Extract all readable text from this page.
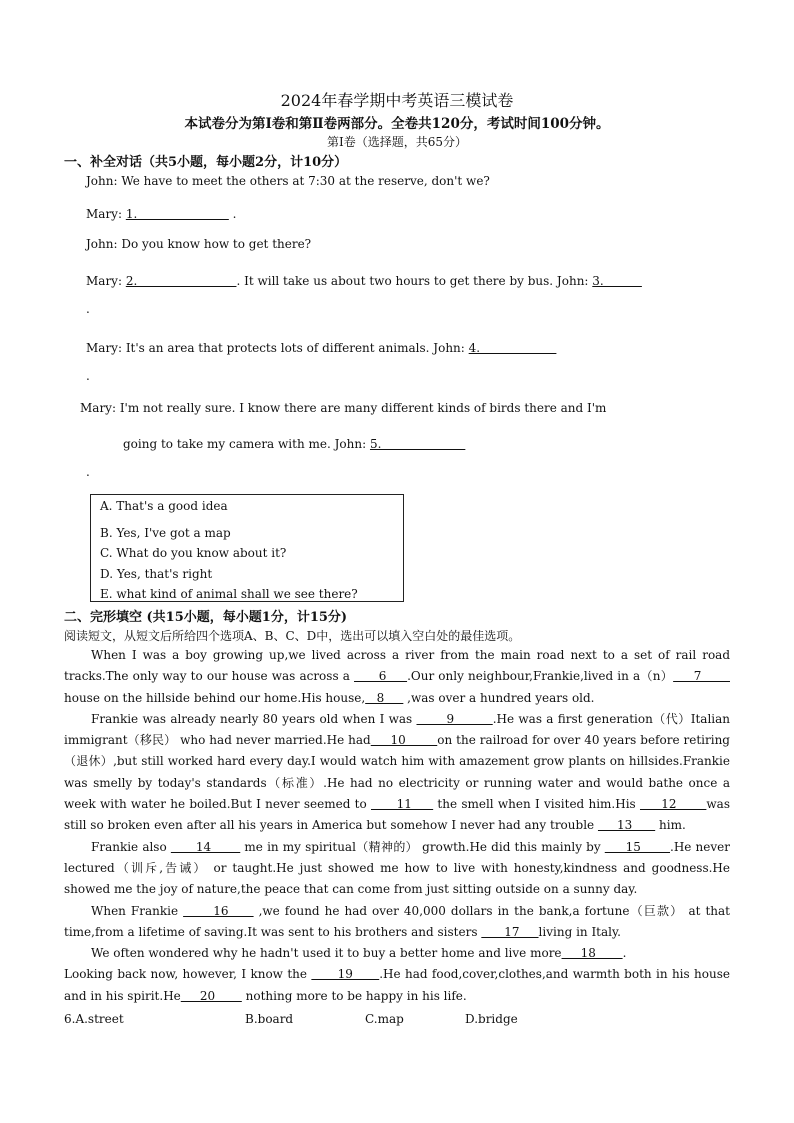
2024年春学期中考英语三模试卷
本试卷分为第Ⅰ卷和第Ⅱ卷两部分。全卷共120分，考试时间100分钟。
第Ⅰ卷（选择题，共65分）
一、补全对话（共5小题，每小题2分，计10分）
John: We have to meet the others at 7:30 at the reserve, don't we?
Mary: 1.                         .
John: Do you know how to get there?
Mary: 2.                          . It will take us about two hours to get there by bus. John: 3.
.
Mary: It's an area that protects lots of different animals. John: 4.
.
Mary: I'm not really sure. I know there are many different kinds of birds there and I'm
going to take my camera with me. John: 5.
.
A. That's a good idea
B. Yes, I've got a map
C. What do you know about it?
D. Yes, that's right
E. what kind of animal shall we see there?
二、完形填空 (共15小题，每小题1分，计15分)
阅读短文，从短文后所给四个选项A、B、C、D中，选出可以填入空白处的最佳选项。

When I was a boy growing up,we lived across a river from the main road next to a set of rail road tracks.The only way to our house was across a       6     .Our only neighbour,Frankie,lived in a（n）     7        house on the hillside behind our home.His house,   8      ,was over a hundred years old.

Frankie was already nearly 80 years old when I was        9         .He was a first generation（代）Italian immigrant（移民） who had never married.He had     10        on the railroad for over 40 years before retiring（退休）,but still worked hard every day.I would watch him with amazement grow plants on hillsides.Frankie was smelly by today's standards（标准）.He had no electricity or running water and would bathe once a week with water he boiled.But I never seemed to       11      the smell when I visited him.His      12       was still so broken even after all his years in America but somehow I never had any trouble      13       him.

Frankie also       14        me in my spiritual（精神的） growth.He did this mainly by      15       .He never lectured（训斥,告诫） or taught.He just showed me how to live with honesty,kindness and goodness.He showed me the joy of nature,the peace that can come from just sitting outside on a sunny day.

When Frankie       16      ,we found he had over 40,000 dollars in the bank,a fortune（巨款） at that time,from a lifetime of saving.It was sent to his brothers and sisters       17     living in Italy.

We often wondered why he hadn't used it to buy a better home and live more     18       .

Looking back now, however, I know the       19      .He had food,cover,clothes,and warmth both in his house and in his spirit.He     20        nothing more to be happy in his life.

6.A.street	B.board	C.map	D.bridge
